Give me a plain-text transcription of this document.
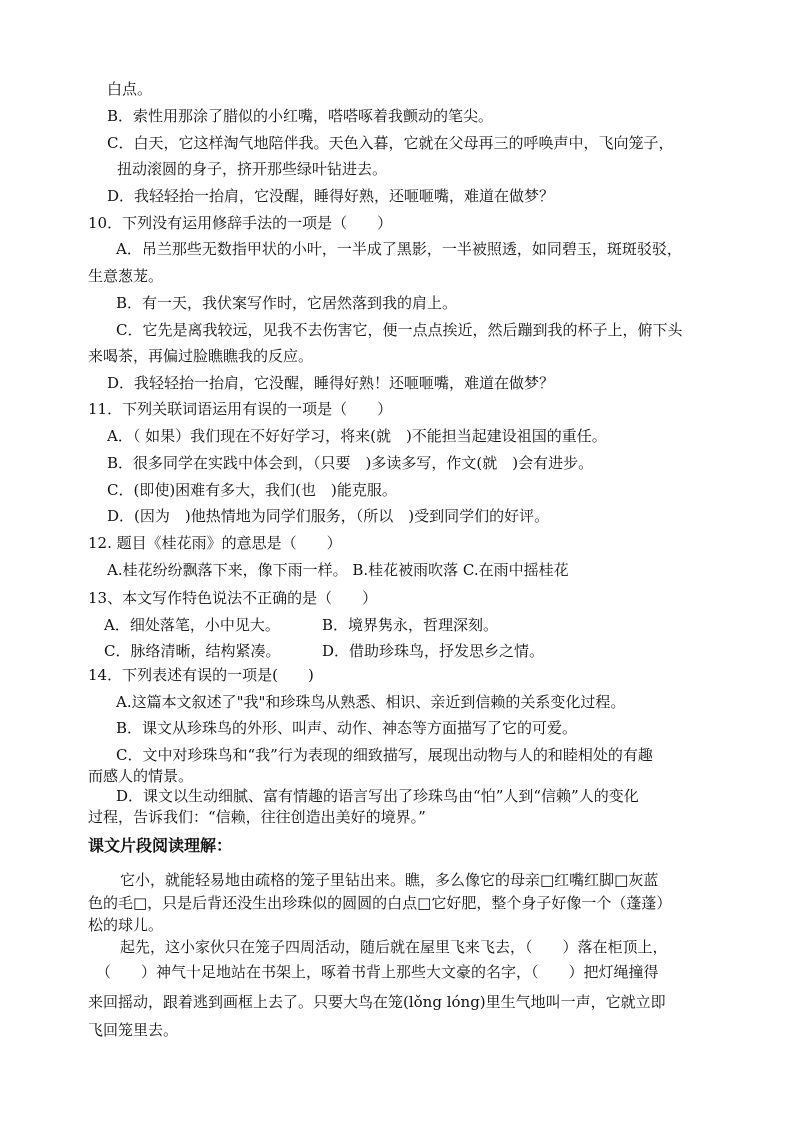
白点。
B．索性用那涂了腊似的小红嘴，嗒嗒啄着我颤动的笔尖。
C．白天，它这样淘气地陪伴我。天色入暮，它就在父母再三的呼唤声中，飞向笼子，
扭动滚圆的身子，挤开那些绿叶钻进去。
D．我轻轻抬一抬肩，它没醒，睡得好熟，还咂咂嘴，难道在做梦？
10．下列没有运用修辞手法的一项是（　　）
A．吊兰那些无数指甲状的小叶，一半成了黑影，一半被照透，如同碧玉，斑斑驳驳，
生意葱茏。
B．有一天，我伏案写作时，它居然落到我的肩上。
C．它先是离我较远，见我不去伤害它，便一点点挨近，然后蹦到我的杯子上，俯下头
来喝茶，再偏过脸瞧瞧我的反应。
D．我轻轻抬一抬肩，它没醒，睡得好熟！还咂咂嘴，难道在做梦？
11．下列关联词语运用有误的一项是（　　）
A．（ 如果）我们现在不好好学习，将来(就　)不能担当起建设祖国的重任。
B．很多同学在实践中体会到，（只要　)多读多写，作文(就　)会有进步。
C．(即使)困难有多大，我们(也　)能克服。
D．(因为　)他热情地为同学们服务，（所以　)受到同学们的好评。
12. 题目《桂花雨》的意思是（　　）
A.桂花纷纷飘落下来，像下雨一样。 B.桂花被雨吹落 C.在雨中摇桂花
13、本文写作特色说法不正确的是（　　）
A．细处落笔，小中见大。	B．境界隽永，哲理深刻。
C．脉络清晰，结构紧凑。	D．借助珍珠鸟，抒发思乡之情。
14．下列表述有误的一项是(　　)
A.这篇本文叙述了"我"和珍珠鸟从熟悉、相识、亲近到信赖的关系变化过程。
B．课文从珍珠鸟的外形、叫声、动作、神态等方面描写了它的可爱。
C．文中对珍珠鸟和“我”行为表现的细致描写，展现出动物与人的和睦相处的有趣
而感人的情景。
D．课文以生动细腻、富有情趣的语言写出了珍珠鸟由“怕”人到“信赖”人的变化
过程，告诉我们：“信赖，往往创造出美好的境界。”
课文片段阅读理解：
它小，就能轻易地由疏格的笼子里钻出来。瞧，多么像它的母亲□红嘴红脚□灰蓝
色的毛□，只是后背还没生出珍珠似的圆圆的白点□它好肥，整个身子好像一个（蓬蓬）
松的球儿。
起先，这小家伙只在笼子四周活动，随后就在屋里飞来飞去，（　　）落在柜顶上，
（　　）神气十足地站在书架上，啄着书背上那些大文豪的名字，（　　）把灯绳撞得
来回摇动，跟着逃到画框上去了。只要大鸟在笼(lǒng lóng)里生气地叫一声，它就立即
飞回笼里去。
